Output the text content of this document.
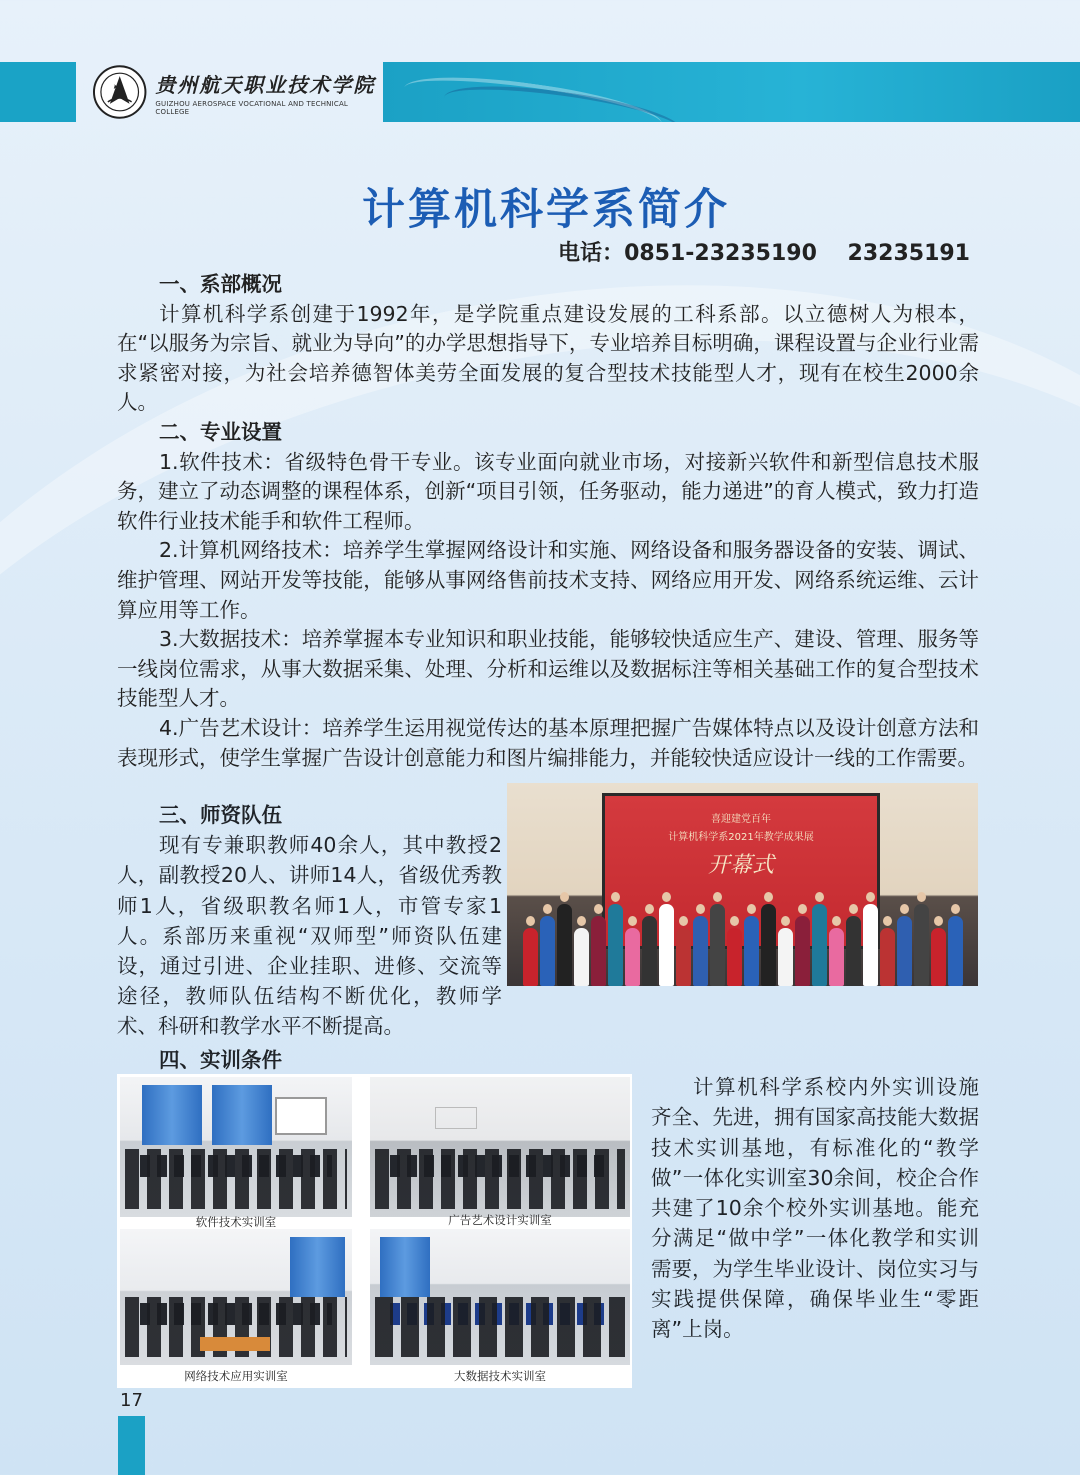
贵州航天职业技术学院
GUIZHOU AEROSPACE VOCATIONAL AND TECHNICAL COLLEGE
计算机科学系简介
电话：0851-23235190 23235191
一、系部概况
计算机科学系创建于1992年，是学院重点建设发展的工科系部。以立德树人为根本，在“以服务为宗旨、就业为导向”的办学思想指导下，专业培养目标明确，课程设置与企业行业需求紧密对接，为社会培养德智体美劳全面发展的复合型技术技能型人才，现有在校生2000余人。
二、专业设置
1.软件技术：省级特色骨干专业。该专业面向就业市场，对接新兴软件和新型信息技术服务，建立了动态调整的课程体系，创新“项目引领，任务驱动，能力递进”的育人模式，致力打造软件行业技术能手和软件工程师。
2.计算机网络技术：培养学生掌握网络设计和实施、网络设备和服务器设备的安装、调试、维护管理、网站开发等技能，能够从事网络售前技术支持、网络应用开发、网络系统运维、云计算应用等工作。
3.大数据技术：培养掌握本专业知识和职业技能，能够较快适应生产、建设、管理、服务等一线岗位需求，从事大数据采集、处理、分析和运维以及数据标注等相关基础工作的复合型技术技能型人才。
4.广告艺术设计：培养学生运用视觉传达的基本原理把握广告媒体特点以及设计创意方法和表现形式，使学生掌握广告设计创意能力和图片编排能力，并能较快适应设计一线的工作需要。
三、师资队伍
现有专兼职教师40余人，其中教授2人，副教授20人、讲师14人，省级优秀教师1人，省级职教名师1人，市管专家1人。系部历来重视“双师型”师资队伍建设，通过引进、企业挂职、进修、交流等途径，教师队伍结构不断优化，教师学术、科研和教学水平不断提高。
喜迎建党百年
计算机科学系2021年教学成果展
开幕式
四、实训条件
软件技术实训室	广告艺术设计实训室
网络技术应用实训室	大数据技术实训室
计算机科学系校内外实训设施齐全、先进，拥有国家高技能大数据技术实训基地，有标准化的“教学做”一体化实训室30余间，校企合作共建了10余个校外实训基地。能充分满足“做中学”一体化教学和实训需要，为学生毕业设计、岗位实习与实践提供保障，确保毕业生“零距离”上岗。
17
